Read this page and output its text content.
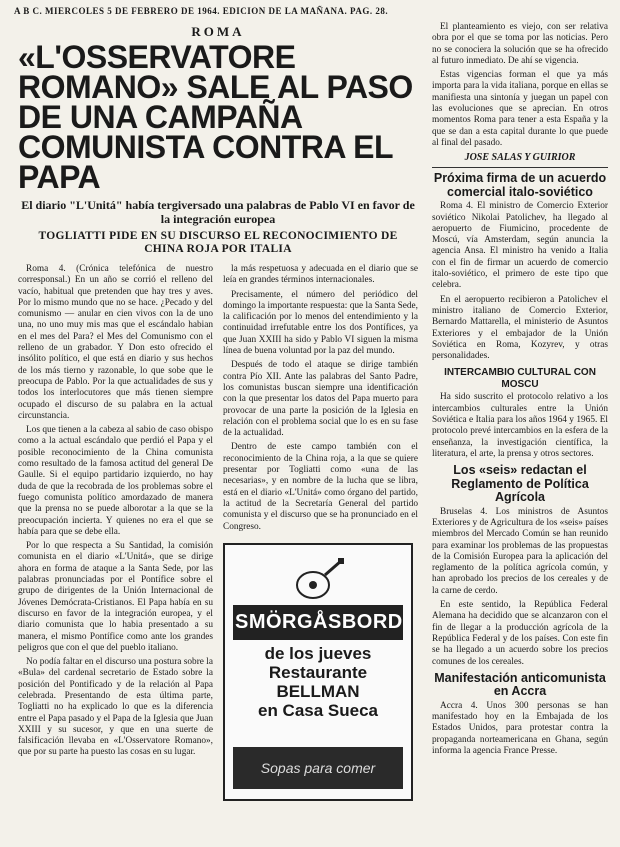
A B C. MIERCOLES 5 DE FEBRERO DE 1964. EDICION DE LA MAÑANA. PAG. 28.
ROMA
«L'OSSERVATORE ROMANO» SALE AL PASO DE UNA CAMPAÑA COMUNISTA CONTRA EL PAPA
El diario "L'Unitá" había tergiversado una palabras de Pablo VI en favor de la integración europea
TOGLIATTI PIDE EN SU DISCURSO EL RECONOCIMIENTO DE CHINA ROJA POR ITALIA

Roma 4. (Crónica telefónica de nuestro corresponsal.) En un año se corrió el relleno del vacío, habitual que pretenden que hay tres y aves. Por lo mismo mundo que no se hace. ¿Pecado y del comunismo — anular en cien vivos con la de uno una, no uno muy mis mas que el escándalo habian en el mes del Para? el Mes del Comunismo con el relleno de un grabador. Y Don esto ofrecido el insólito político, el que está en diario y sus hechos de los más tierno y razonable, lo que sobe que le preocupa de Pablo. Por la que actualidades de sus y todos los interlocutores que más tienen siempre ocupado el discurso de su palabra en la actual circunstancia.

Los que tienen a la cabeza al sabio de caso obispo como a la actual escándalo que perdió el Papa y el posible reconocimiento de la China comunista como resultado de la famosa actitud del general De Gaulle. Si el equipo partidario izquierdo, no hay duda de que la recobrada de los problemas sobre el fuego comunista político amordazado de manera que la prensa no se puede alborotar a la que se la preocupación incierta. Y quienes no era el que se había para que se debe ella.

Por lo que respecta a Su Santidad, la comisión comunista en el diario «L'Unitá», que se dirige ahora en forma de ataque a la Santa Sede, por las palabras pronunciadas por el Pontífice sobre el grupo de dirigentes de la Unión Internacional de Jóvenes Demócrata-Cristianos. El Papa había en su discurso en favor de la integración europea, y el diario comunista que lo habia presentado a su manera, el mismo Pontífice como ante los grandes peligros que con el que del pueblo italiano.

No podía faltar en el discurso una postura sobre la «Bula» del cardenal secretario de Estado sobre la posición del Pontificado y de la relación al Papa celebrada. Presentando de esta última parte, Togliatti no ha explicado lo que es la diferencia entre el Papa pasado y el Papa de la Iglesia que Juan XXIII y su sucesor, y que en una suerte de falsificación llevaba en «L'Osservatore Romano», que por su parte ha puesto las cosas en su lugar.

la más respetuosa y adecuada en el diario que se leía en grandes términos internacionales.

Precisamente, el número del periódico del domingo la importante respuesta: que la Santa Sede, la calificación por lo menos del entendimiento y la continuidad irrefutable entre los dos Pontífices, ya que Juan XXIII ha sido y Pablo VI siguen la misma línea de buena voluntad por la paz del mundo.

Después de todo el ataque se dirige también contra Pío XII. Ante las palabras del Santo Padre, los comunistas buscan siempre una identificación con la que presentar los datos del Papa muerto para provocar de una parte la posición de la Iglesia en relación con el problema social que lo es en su fase de la actualidad.

Dentro de este campo también con el reconocimiento de la China roja, a la que se quiere presentar por Togliatti como «una de las necesarias», y en nombre de la lucha que se libra, está en el diario «L'Unitá» como órgano del partido, la actitud de la Secretaría General del partido comunista y el discurso que se ha pronunciado en el Congreso.

SMÖRGÅSBORD
de los jueves
Restaurante BELLMAN
en Casa Sueca
Sopas para comer

El planteamiento es viejo, con ser relativa obra por el que se toma por las noticias. Pero no se conociera la solución que se ha ofrecido al futuro inmediato. De ahí se vigencia.

Estas vigencias forman el que ya más importa para la vida italiana, porque en ellas se manifiesta una sintonía y juegan un papel con las evoluciones que se aprecian. En otros momentos Roma para tener a esta España y la que se dan a esta capital durante lo que puede al final del pasado.

JOSE SALAS Y GUIRIOR
Próxima firma de un acuerdo comercial italo-soviético

Roma 4. El ministro de Comercio Exterior soviético Nikolai Patolichev, ha llegado al aeropuerto de Fiumicino, procedente de Moscú, vía Amsterdam, según anuncia la agencia Ansa. El ministro ha venido a Italia con el fin de firmar un acuerdo de comercio italo-soviético, el primero de este tipo que celebra.

En el aeropuerto recibieron a Patolichev el ministro italiano de Comercio Exterior, Bernardo Mattarella, el ministerio de Asuntos Exteriores y el embajador de la Unión Soviética en Roma, Kozyrev, y otras personalidades.

INTERCAMBIO CULTURAL CON MOSCU

Ha sido suscrito el protocolo relativo a los intercambios culturales entre la Unión Soviética e Italia para los años 1964 y 1965. El protocolo prevé intercambios en la esfera de la enseñanza, la investigación científica, la literatura, el arte, la prensa y otros sectores.

Los «seis» redactan el Reglamento de Política Agrícola

Bruselas 4. Los ministros de Asuntos Exteriores y de Agricultura de los «seis» países miembros del Mercado Común se han reunido para examinar los problemas de las propuestas de la Comisión Europea para la aplicación del reglamento de la política agrícola común, y han aprobado los precios de los cereales y de la carne de cerdo.

En este sentido, la República Federal Alemana ha decidido que se alcanzaron con el fin de llegar a la producción agrícola de la República Federal y de los países. Con este fin se ha llegado a un acuerdo sobre los precios comunes de los cereales.

Manifestación anticomunista en Accra

Accra 4. Unos 300 personas se han manifestado hoy en la Embajada de los Estados Unidos, para protestar contra la propaganda norteamericana en Ghana, según informa la agencia France Presse.
